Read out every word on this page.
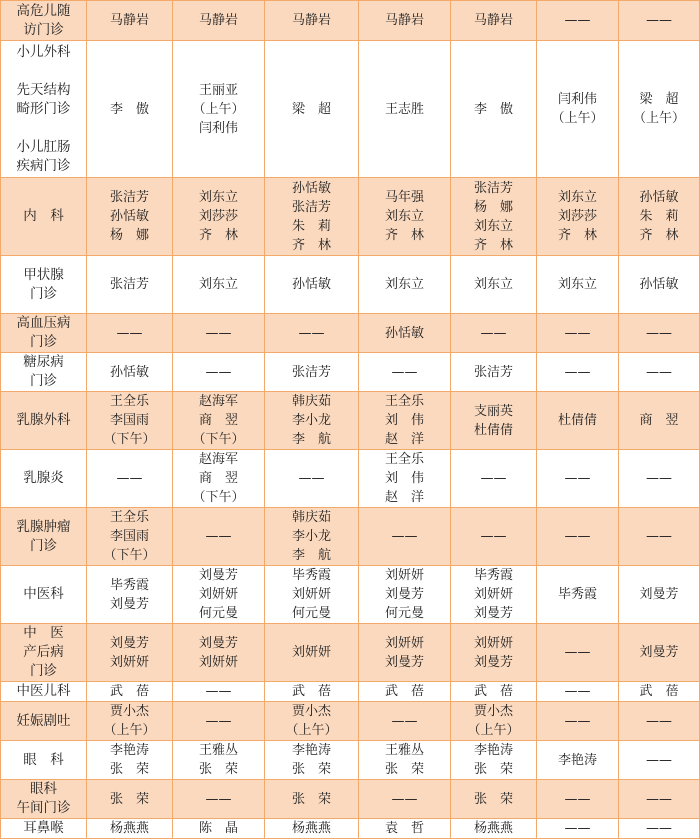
高危儿随
访门诊	马静岩	马静岩	马静岩	马静岩	马静岩	——	——

小儿外科

先天结构
畸形门诊

小儿肛肠
疾病门诊	李　傲	王丽亚
（上午）
闫利伟	梁　超	王志胜	李　傲	闫利伟
（上午）	梁　超
（上午）

内　科	张洁芳
孙恬敏
杨　娜	刘东立
刘莎莎
齐　林	孙恬敏
张洁芳
朱　莉
齐　林	马年强
刘东立
齐　林	张洁芳
杨　娜
刘东立
齐　林	刘东立
刘莎莎
齐　林	孙恬敏
朱　莉
齐　林

甲状腺
门诊	张洁芳	刘东立	孙恬敏	刘东立	刘东立	刘东立	孙恬敏

高血压病
门诊	——	——	——	孙恬敏	——	——	——

糖尿病
门诊	孙恬敏	——	张洁芳	——	张洁芳	——	——

乳腺外科	王全乐
李国雨
（下午）	赵海军
商　翌
（下午）	韩庆茹
李小龙
李　航	王全乐
刘　伟
赵　洋	支丽英
杜倩倩	杜倩倩	商　翌

乳腺炎	——	赵海军
商　翌
（下午）	——	王全乐
刘　伟
赵　洋	——	——	——

乳腺肿瘤
门诊	王全乐
李国雨
（下午）	——	韩庆茹
李小龙
李　航	——	——	——	——

中医科	毕秀霞
刘曼芳	刘曼芳
刘妍妍
何元曼	毕秀霞
刘妍妍
何元曼	刘妍妍
刘曼芳
何元曼	毕秀霞
刘妍妍
刘曼芳	毕秀霞	刘曼芳

中　医
产后病
门诊	刘曼芳
刘妍妍	刘曼芳
刘妍妍	刘妍妍	刘妍妍
刘曼芳	刘妍妍
刘曼芳	——	刘曼芳

中医儿科	武　蓓	——	武　蓓	武　蓓	武　蓓	——	武　蓓

妊娠剧吐	贾小杰
（上午）	——	贾小杰
（上午）	——	贾小杰
（上午）	——	——

眼　科	李艳涛
张　荣	王雅丛
张　荣	李艳涛
张　荣	王雅丛
张　荣	李艳涛
张　荣	李艳涛	——

眼科
午间门诊	张　荣	——	张　荣	——	张　荣	——	——

耳鼻喉	杨燕燕	陈　晶	杨燕燕	袁　哲	杨燕燕	——	——
